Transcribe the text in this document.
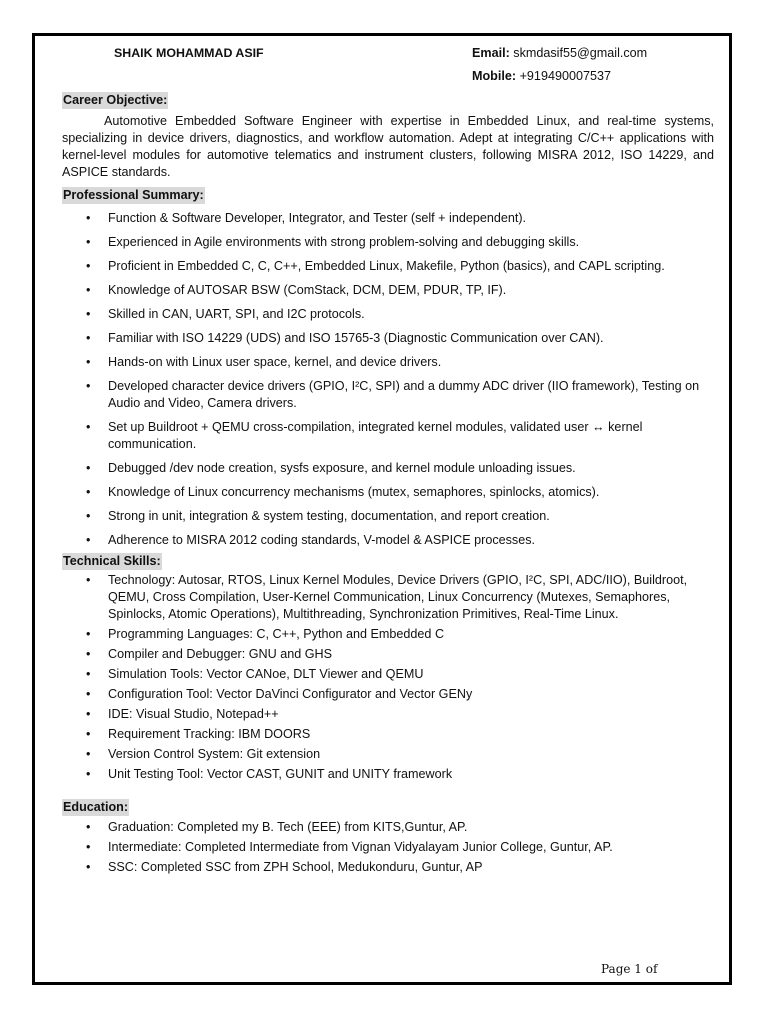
SHAIK MOHAMMAD ASIF	Email: skmdasif55@gmail.com
Mobile: +919490007537
Career Objective:

Automotive Embedded Software Engineer with expertise in Embedded Linux, and real-time systems, specializing in device drivers, diagnostics, and workflow automation. Adept at integrating C/C++ applications with kernel-level modules for automotive telematics and instrument clusters, following MISRA 2012, ISO 14229, and ASPICE standards.

Professional Summary:
• Function & Software Developer, Integrator, and Tester (self + independent).
• Experienced in Agile environments with strong problem-solving and debugging skills.
• Proficient in Embedded C, C, C++, Embedded Linux, Makefile, Python (basics), and CAPL scripting.
• Knowledge of AUTOSAR BSW (ComStack, DCM, DEM, PDUR, TP, IF).
• Skilled in CAN, UART, SPI, and I2C protocols.
• Familiar with ISO 14229 (UDS) and ISO 15765-3 (Diagnostic Communication over CAN).
• Hands-on with Linux user space, kernel, and device drivers.
• Developed character device drivers (GPIO, I²C, SPI) and a dummy ADC driver (IIO framework), Testing on Audio and Video, Camera drivers.
• Set up Buildroot + QEMU cross-compilation, integrated kernel modules, validated user ↔ kernel communication.
• Debugged /dev node creation, sysfs exposure, and kernel module unloading issues.
• Knowledge of Linux concurrency mechanisms (mutex, semaphores, spinlocks, atomics).
• Strong in unit, integration & system testing, documentation, and report creation.
• Adherence to MISRA 2012 coding standards, V-model & ASPICE processes.
Technical Skills:
• Technology: Autosar, RTOS, Linux Kernel Modules, Device Drivers (GPIO, I²C, SPI, ADC/IIO), Buildroot, QEMU, Cross Compilation, User-Kernel Communication, Linux Concurrency (Mutexes, Semaphores, Spinlocks, Atomic Operations), Multithreading, Synchronization Primitives, Real-Time Linux.
• Programming Languages: C, C++, Python and Embedded C
• Compiler and Debugger: GNU and GHS
• Simulation Tools: Vector CANoe, DLT Viewer and QEMU
• Configuration Tool: Vector DaVinci Configurator and Vector GENy
• IDE: Visual Studio, Notepad++
• Requirement Tracking: IBM DOORS
• Version Control System: Git extension
• Unit Testing Tool: Vector CAST, GUNIT and UNITY framework
Education:
• Graduation: Completed my B. Tech (EEE) from KITS,Guntur, AP.
• Intermediate: Completed Intermediate from Vignan Vidyalayam Junior College, Guntur, AP.
• SSC: Completed SSC from ZPH School, Medukonduru, Guntur, AP
Page 1 of
